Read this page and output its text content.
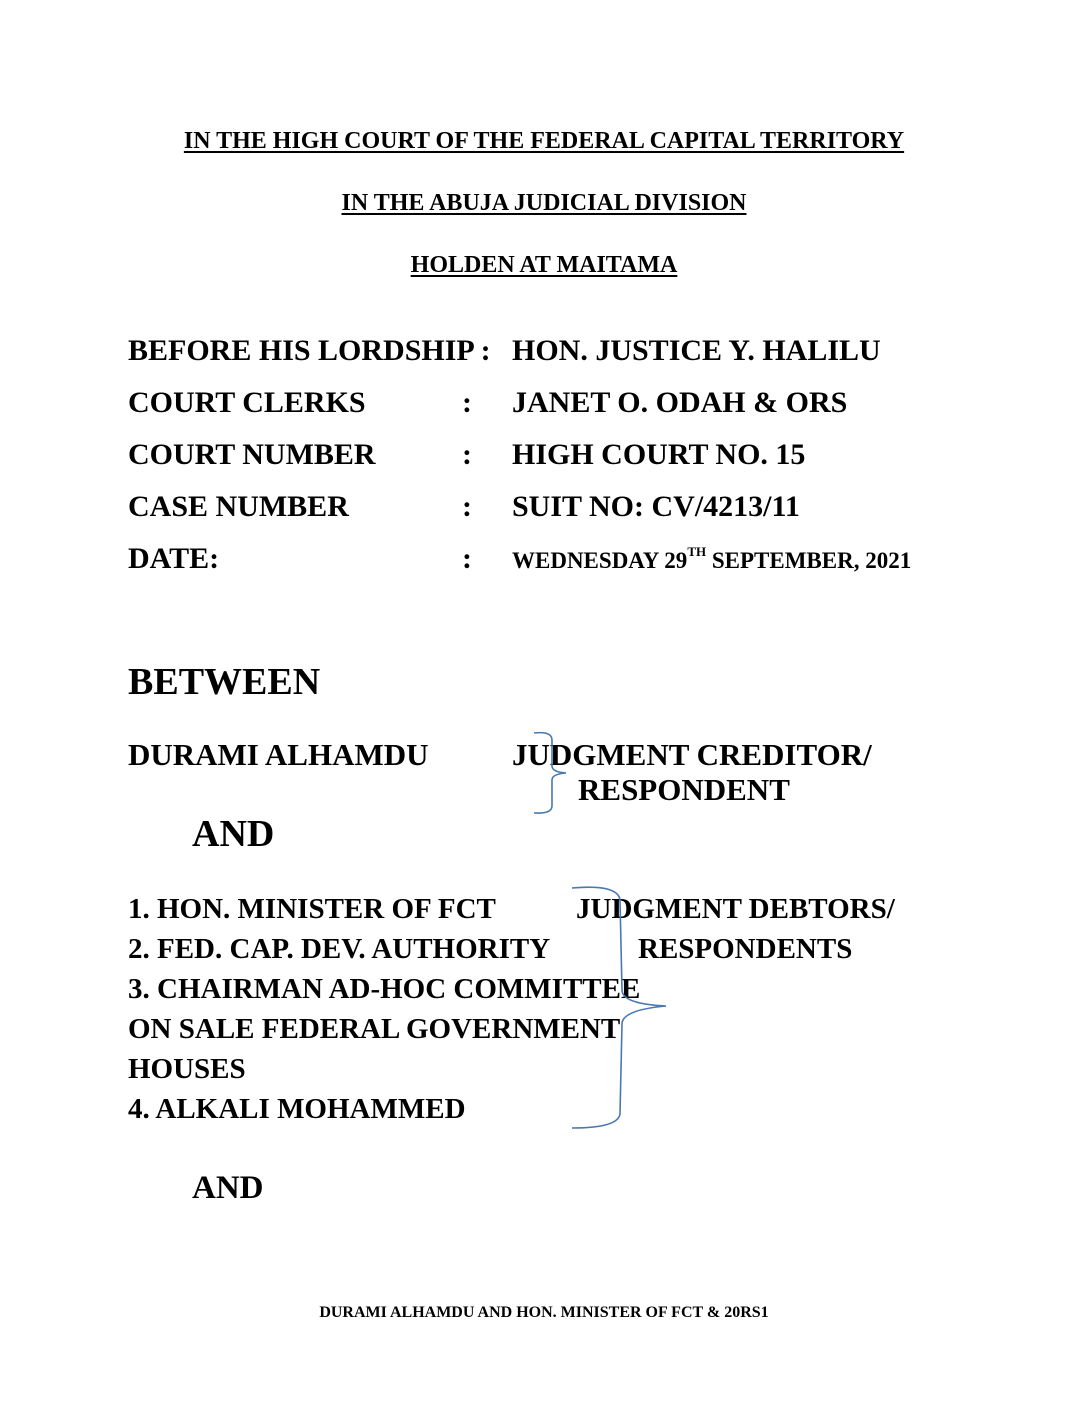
IN THE HIGH COURT OF THE FEDERAL CAPITAL TERRITORY
IN THE ABUJA JUDICIAL DIVISION
HOLDEN AT MAITAMA
BEFORE HIS LORDSHIP : HON. JUSTICE Y. HALILU
COURT CLERKS	: JANET O. ODAH & ORS
COURT NUMBER	: HIGH COURT NO. 15
CASE NUMBER	: SUIT NO: CV/4213/11
DATE:	: WEDNESDAY 29TH SEPTEMBER, 2021
BETWEEN
DURAMI ALHAMDU	JUDGMENT CREDITOR/
RESPONDENT
AND
1. HON. MINISTER OF FCT	JUDGMENT DEBTORS/
2. FED. CAP. DEV. AUTHORITY	RESPONDENTS
3. CHAIRMAN AD-HOC COMMITTEE
ON SALE FEDERAL GOVERNMENT
HOUSES
4. ALKALI MOHAMMED
AND
DURAMI ALHAMDU AND HON. MINISTER OF FCT & 20RS1
